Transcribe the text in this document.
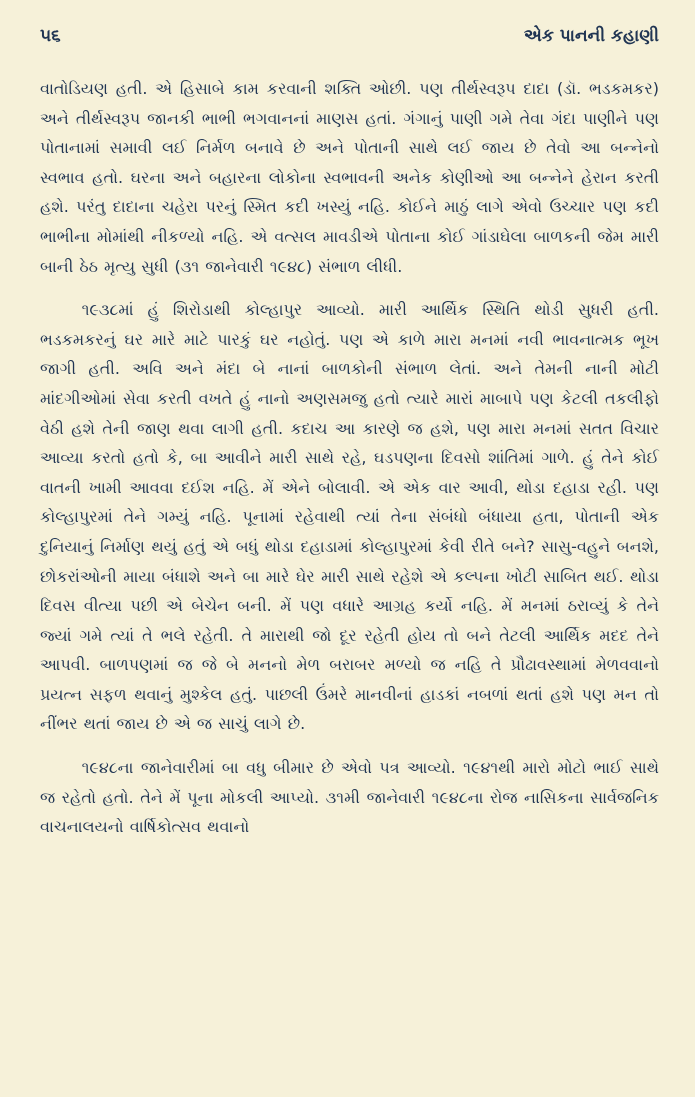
૫૬	એક પાનની કહાણી

વાતોડિયણ હતી. એ હિસાબે કામ કરવાની શક્તિ ઓછી. પણ તીર્થસ્વરૂપ દાદા (ડૉ. ભડકમકર) અને તીર્થસ્વરૂપ જાનકી ભાભી ભગવાનનાં માણસ હતાં. ગંગાનું પાણી ગમે તેવા ગંદા પાણીને પણ પોતાનામાં સમાવી લઈ નિર્મળ બનાવે છે અને પોતાની સાથે લઈ જાય છે તેવો આ બન્નેનો સ્વભાવ હતો. ઘરના અને બહારના લોકોના સ્વભાવની અનેક કોણીઓ આ બન્નેને હેરાન કરતી હશે. પરંતુ દાદાના ચહેરા પરનું સ્મિત કદી ખસ્યું નહિ. કોઈને માઠું લાગે એવો ઉચ્ચાર પણ કદી ભાભીના મોમાંથી નીકળ્યો નહિ. એ વત્સલ માવડીએ પોતાના કોઈ ગાંડાઘેલા બાળકની જેમ મારી બાની ઠેઠ મૃત્યુ સુધી (૩૧ જાનેવારી ૧૯૪૮) સંભાળ લીધી.

૧૯૩૮માં હું શિરોડાથી કોલ્હાપુર આવ્યો. મારી આર્થિક સ્થિતિ થોડી સુધરી હતી. ભડકમકરનું ઘર મારે માટે પારકું ઘર નહોતું. પણ એ કાળે મારા મનમાં નવી ભાવનાત્મક ભૂખ જાગી હતી. અવિ અને મંદા બે નાનાં બાળકોની સંભાળ લેતાં. અને તેમની નાની મોટી માંદગીઓમાં સેવા કરતી વખતે હું નાનો અણસમજુ હતો ત્યારે મારાં માબાપે પણ કેટલી તકલીફો વેઠી હશે તેની જાણ થવા લાગી હતી. કદાચ આ કારણે જ હશે, પણ મારા મનમાં સતત વિચાર આવ્યા કરતો હતો કે, બા આવીને મારી સાથે રહે, ઘડપણના દિવસો શાંતિમાં ગાળે. હું તેને કોઈ વાતની ખામી આવવા દઈશ નહિ. મેં એને બોલાવી. એ એક વાર આવી, થોડા દહાડા રહી. પણ કોલ્હાપુરમાં તેને ગમ્યું નહિ. પૂનામાં રહેવાથી ત્યાં તેના સંબંધો બંધાયા હતા, પોતાની એક દુનિયાનું નિર્માણ થયું હતું એ બધું થોડા દહાડામાં કોલ્હાપુરમાં કેવી રીતે બને? સાસુ-વહુને બનશે, છોકરાંઓની માયા બંધાશે અને બા મારે ઘેર મારી સાથે રહેશે એ કલ્પના ખોટી સાબિત થઈ. થોડા દિવસ વીત્યા પછી એ બેચેન બની. મેં પણ વધારે આગ્રહ કર્યો નહિ. મેં મનમાં ઠરાવ્યું કે તેને જ્યાં ગમે ત્યાં તે ભલે રહેતી. તે મારાથી જો દૂર રહેતી હોય તો બને તેટલી આર્થિક મદદ તેને આપવી. બાળપણમાં જ જે બે મનનો મેળ બરાબર મળ્યો જ નહિ તે પ્રૌઢાવસ્થામાં મેળવવાનો પ્રયત્ન સફળ થવાનું મુશ્કેલ હતું. પાછલી ઉંમરે માનવીનાં હાડકાં નબળાં થતાં હશે પણ મન તો નીંભર થતાં જાય છે એ જ સાચું લાગે છે.

૧૯૪૮ના જાનેવારીમાં બા વધુ બીમાર છે એવો પત્ર આવ્યો. ૧૯૪૧થી મારો મોટો ભાઈ સાથે જ રહેતો હતો. તેને મેં પૂના મોકલી આપ્યો. ૩૧મી જાનેવારી ૧૯૪૮ના રોજ નાસિકના સાર્વજનિક વાચનાલયનો વાર્ષિકોત્સવ થવાનો
